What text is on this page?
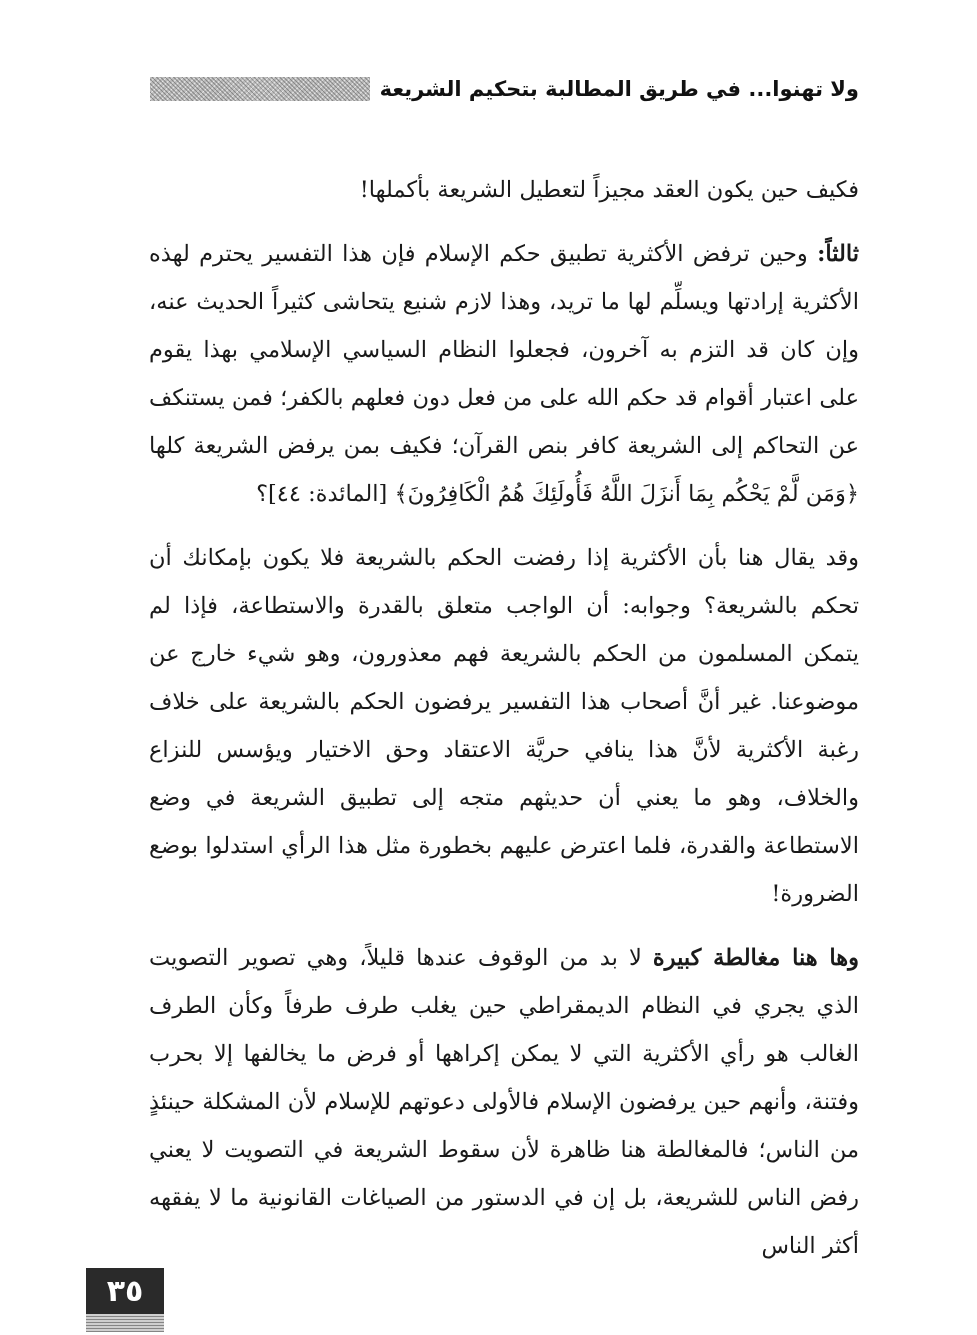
ولا تهنوا... في طريق المطالبة بتحكيم الشريعة

فكيف حين يكون العقد مجيزاً لتعطيل الشريعة بأكملها!

ثالثاً: وحين ترفض الأكثرية تطبيق حكم الإسلام فإن هذا التفسير يحترم لهذه الأكثرية إرادتها ويسلِّم لها ما تريد، وهذا لازم شنيع يتحاشى كثيراً الحديث عنه، وإن كان قد التزم به آخرون، فجعلوا النظام السياسي الإسلامي بهذا يقوم على اعتبار أقوام قد حكم الله على من فعل دون فعلهم بالكفر؛ فمن يستنكف عن التحاكم إلى الشريعة كافر بنص القرآن؛ فكيف بمن يرفض الشريعة كلها ﴿وَمَن لَّمْ يَحْكُم بِمَا أَنزَلَ اللَّهُ فَأُولَئِكَ هُمُ الْكَافِرُونَ﴾ [المائدة: ٤٤]؟

وقد يقال هنا بأن الأكثرية إذا رفضت الحكم بالشريعة فلا يكون بإمكانك أن تحكم بالشريعة؟ وجوابه: أن الواجب متعلق بالقدرة والاستطاعة، فإذا لم يتمكن المسلمون من الحكم بالشريعة فهم معذورون، وهو شيء خارج عن موضوعنا. غير أنَّ أصحاب هذا التفسير يرفضون الحكم بالشريعة على خلاف رغبة الأكثرية لأنَّ هذا ينافي حريَّة الاعتقاد وحق الاختيار ويؤسس للنزاع والخلاف، وهو ما يعني أن حديثهم متجه إلى تطبيق الشريعة في وضع الاستطاعة والقدرة، فلما اعترض عليهم بخطورة مثل هذا الرأي استدلوا بوضع الضرورة!

وها هنا مغالطة كبيرة لا بد من الوقوف عندها قليلاً، وهي تصوير التصويت الذي يجري في النظام الديمقراطي حين يغلب طرف طرفاً وكأن الطرف الغالب هو رأي الأكثرية التي لا يمكن إكراهها أو فرض ما يخالفها إلا بحرب وفتنة، وأنهم حين يرفضون الإسلام فالأولى دعوتهم للإسلام لأن المشكلة حينئذٍ من الناس؛ فالمغالطة هنا ظاهرة لأن سقوط الشريعة في التصويت لا يعني رفض الناس للشريعة، بل إن في الدستور من الصياغات القانونية ما لا يفقهه أكثر الناس

٣٥
